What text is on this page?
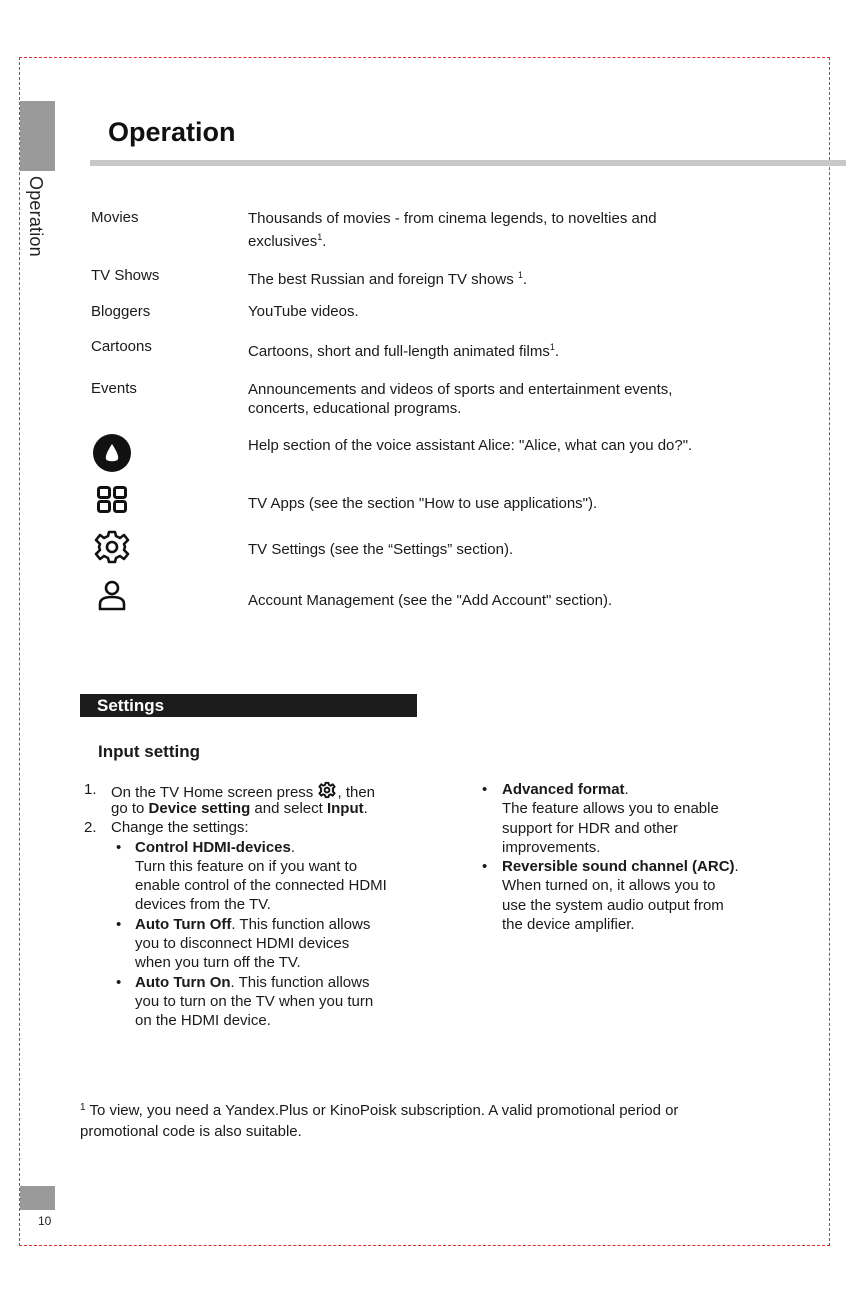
Operation
Operation
Movies	Thousands of movies - from cinema legends, to novelties and exclusives$^1$.
TV Shows	The best Russian and foreign TV shows $^1$.
Bloggers	YouTube videos.
Cartoons	Cartoons, short and full-length animated films$^1$.
Events	Announcements and videos of sports and entertainment events, concerts, educational programs.
Help section of the voice assistant Alice: "Alice, what can you do?".
TV Apps (see the section "How to use applications").
TV Settings (see the “Settings” section).
Account Management (see the "Add Account" section).
Settings
Input setting
1. On the TV Home screen press , then
go to Device setting and select Input.
2. Change the settings:
• Control HDMI-devices.
Turn this feature on if you want to
enable control of the connected HDMI
devices from the TV.
• Auto Turn Off. This function allows
you to disconnect HDMI devices
when you turn off the TV.
• Auto Turn On. This function allows
you to turn on the TV when you turn
on the HDMI device.
• Advanced format.
The feature allows you to enable
support for HDR and other
improvements.
• Reversible sound channel (ARC).
When turned on, it allows you to
use the system audio output from
the device amplifier.
$^1$ To view, you need a Yandex.Plus or KinoPoisk subscription. A valid promotional period or promotional code is also suitable.
10
